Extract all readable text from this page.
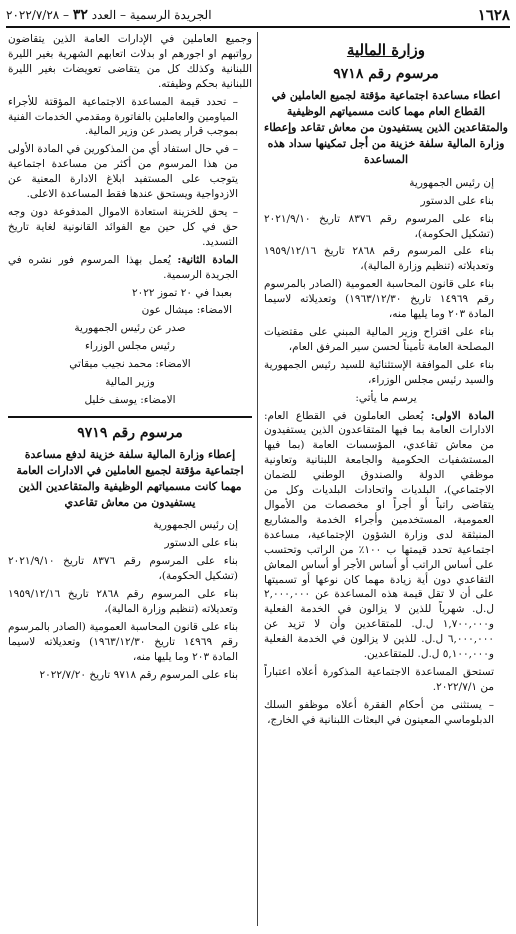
١٦٢٨
الجريدة الرسمية – العدد ٣٢ – ٢٠٢٢/٧/٢٨
وزارة المالية
مرسوم رقم ٩٧١٨
اعطاء مساعدة اجتماعية مؤقتة لجميع العاملين في القطاع العام مهما كانت مسمياتهم الوظيفية والمتقاعدين الذين يستفيدون من معاش تقاعد وإعطاء وزارة المالية سلفة خزينة من أجل تمكينها سداد هذه المساعدة

إن رئيس الجمهورية

بناء على الدستور

بناء على المرسوم رقم ٨٣٧٦ تاريخ ٢٠٢١/٩/١٠ (تشكيل الحكومة)،

بناء على المرسوم رقم ٢٨٦٨ تاريخ ١٩٥٩/١٢/١٦ وتعديلاته (تنظيم وزارة المالية)،

بناء على قانون المحاسبة العمومية (الصادر بالمرسوم رقم ١٤٩٦٩ تاريخ ١٩٦٣/١٢/٣٠) وتعديلاته لاسيما المادة ٢٠٣ وما يليها منه،

بناء على اقتراح وزير المالية المبني على مقتضيات المصلحة العامة تأميناً لحسن سير المرفق العام،

بناء على الموافقة الإستثنائية للسيد رئيس الجمهورية والسيد رئيس مجلس الوزراء،

يرسم ما يأتي:

المادة الاولى: يُعطى العاملون في القطاع العام: الادارات العامة بما فيها المتقاعدون الذين يستفيدون من معاش تقاعدي، المؤسسات العامة (بما فيها المستشفيات الحكومية والجامعة اللبنانية وتعاونية موظفي الدولة والصندوق الوطني للضمان الاجتماعي)، البلديات واتحادات البلديات وكل من يتقاضى راتباً أو أجراً او مخصصات من الأموال العمومية، المستخدمين وأجراء الخدمة والمشاريع المنبثقة لدى وزارة الشؤون الإجتماعية، مساعدة اجتماعية تحدد قيمتها ب ١٠٠٪ من الراتب وتحتسب على أساس الراتب أو أساس الأجر أو أساس المعاش التقاعدي دون أية زيادة مهما كان نوعها أو تسميتها على أن لا تقل قيمة هذه المساعدة عن ٢,٠٠٠,٠٠٠ ل.ل. شهرياً للذين لا يزالون في الخدمة الفعلية و١,٧٠٠,٠٠٠ ل.ل. للمتقاعدين وأن لا تزيد عن ٦,٠٠٠,٠٠٠ ل.ل. للذين لا يزالون في الخدمة الفعلية و٥,١٠٠,٠٠٠ ل.ل. للمتقاعدين.

تستحق المساعدة الاجتماعية المذكورة أعلاه اعتباراً من ٢٠٢٢/٧/١.

– يستثنى من أحكام الفقرة أعلاه موظفو السلك الدبلوماسي المعينون في البعثات اللبنانية في الخارج،

وجميع العاملين في الإدارات العامة الذين يتقاضون رواتبهم او اجورهم او بدلات اتعابهم الشهرية بغير الليرة اللبنانية وكذلك كل من يتقاضى تعويضات بغير الليرة اللبنانية بحكم وظيفته.

– تحدد قيمة المساعدة الاجتماعية المؤقتة للأجراء المياومين والعاملين بالفاتورة ومقدمي الخدمات الفنية بموجب قرار يصدر عن وزير المالية.

– في حال استفاد أي من المذكورين في المادة الأولى من هذا المرسوم من أكثر من مساعدة اجتماعية يتوجب على المستفيد ابلاغ الادارة المعنية عن الازدواجية ويستحق عندها فقط المساعدة الاعلى.

– يحق للخزينة استعادة الاموال المدفوعة دون وجه حق في كل حين مع الفوائد القانونية لغاية تاريخ التسديد.

المادة الثانية: يُعمل بهذا المرسوم فور نشره في الجريدة الرسمية.

بعبدا في ٢٠ تموز ٢٠٢٢

الامضاء: ميشال عون

صدر عن رئيس الجمهورية

رئيس مجلس الوزراء

الامضاء: محمد نجيب ميقاتي

وزير المالية

الامضاء: يوسف خليل

مرسوم رقم ٩٧١٩
إعطاء وزارة المالية سلفة خزينة لدفع مساعدة اجتماعية مؤقتة لجميع العاملين في الادارات العامة مهما كانت مسمياتهم الوظيفية والمتقاعدين الذين يستفيدون من معاش تقاعدي

إن رئيس الجمهورية

بناء على الدستور

بناء على المرسوم رقم ٨٣٧٦ تاريخ ٢٠٢١/٩/١٠ (تشكيل الحكومة)،

بناء على المرسوم رقم ٢٨٦٨ تاريخ ١٩٥٩/١٢/١٦ وتعديلاته (تنظيم وزارة المالية)،

بناء على قانون المحاسبة العمومية (الصادر بالمرسوم رقم ١٤٩٦٩ تاريخ ١٩٦٣/١٢/٣٠) وتعديلاته لاسيما المادة ٢٠٣ وما يليها منه،

بناء على المرسوم رقم ٩٧١٨ تاريخ ٢٠٢٢/٧/٢٠
